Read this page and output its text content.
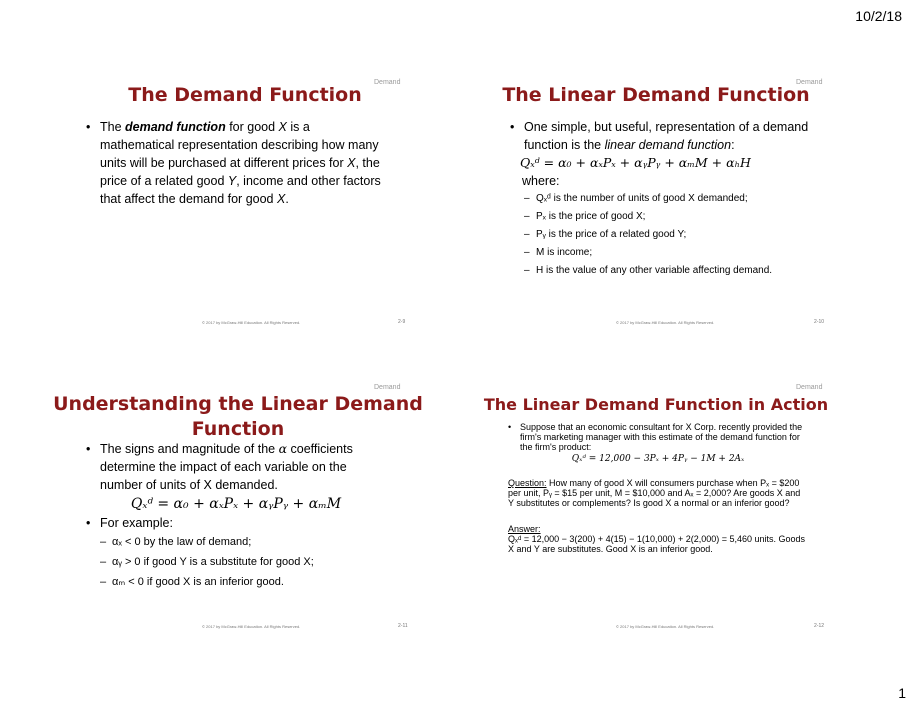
10/2/18
Demand
The Demand Function
• The demand function for good X is a mathematical representation describing how many units will be purchased at different prices for X, the price of a related good Y, income and other factors that affect the demand for good X.
© 2017 by McGraw-Hill Education. All Rights Reserved.	2-9
Demand
The Linear Demand Function
• One simple, but useful, representation of a demand function is the linear demand function:
Qₓᵈ = α₀ + αₓPₓ + αᵧPᵧ + αₘM + αₕH
where:
– Qₓᵈ is the number of units of good X demanded;
– Pₓ is the price of good X;
– Pᵧ is the price of a related good Y;
– M is income;
– H is the value of any other variable affecting demand.
© 2017 by McGraw-Hill Education. All Rights Reserved.	2-10
Demand
Understanding the Linear Demand
Function
• The signs and magnitude of the α coefficients determine the impact of each variable on the number of units of X demanded.
Qₓᵈ = α₀ + αₓPₓ + αᵧPᵧ + αₘM
• For example:
– αₓ < 0 by the law of demand;
– αᵧ > 0 if good Y is a substitute for good X;
– αₘ < 0 if good X is an inferior good.
© 2017 by McGraw-Hill Education. All Rights Reserved.	2-11
Demand
The Linear Demand Function in Action
• Suppose that an economic consultant for X Corp. recently provided the firm's marketing manager with this estimate of the demand function for the firm's product:
Qₓᵈ = 12,000 − 3Pₓ + 4Pᵧ − 1M + 2Aₓ
Question: How many of good X will consumers purchase when Pₓ = $200 per unit, Pᵧ = $15 per unit, M = $10,000 and Aₓ = 2,000? Are goods X and Y substitutes or complements? Is good X a normal or an inferior good?
Answer:
Qₓᵈ = 12,000 − 3(200) + 4(15) − 1(10,000) + 2(2,000) = 5,460 units. Goods X and Y are substitutes. Good X is an inferior good.
© 2017 by McGraw-Hill Education. All Rights Reserved.	2-12
1
